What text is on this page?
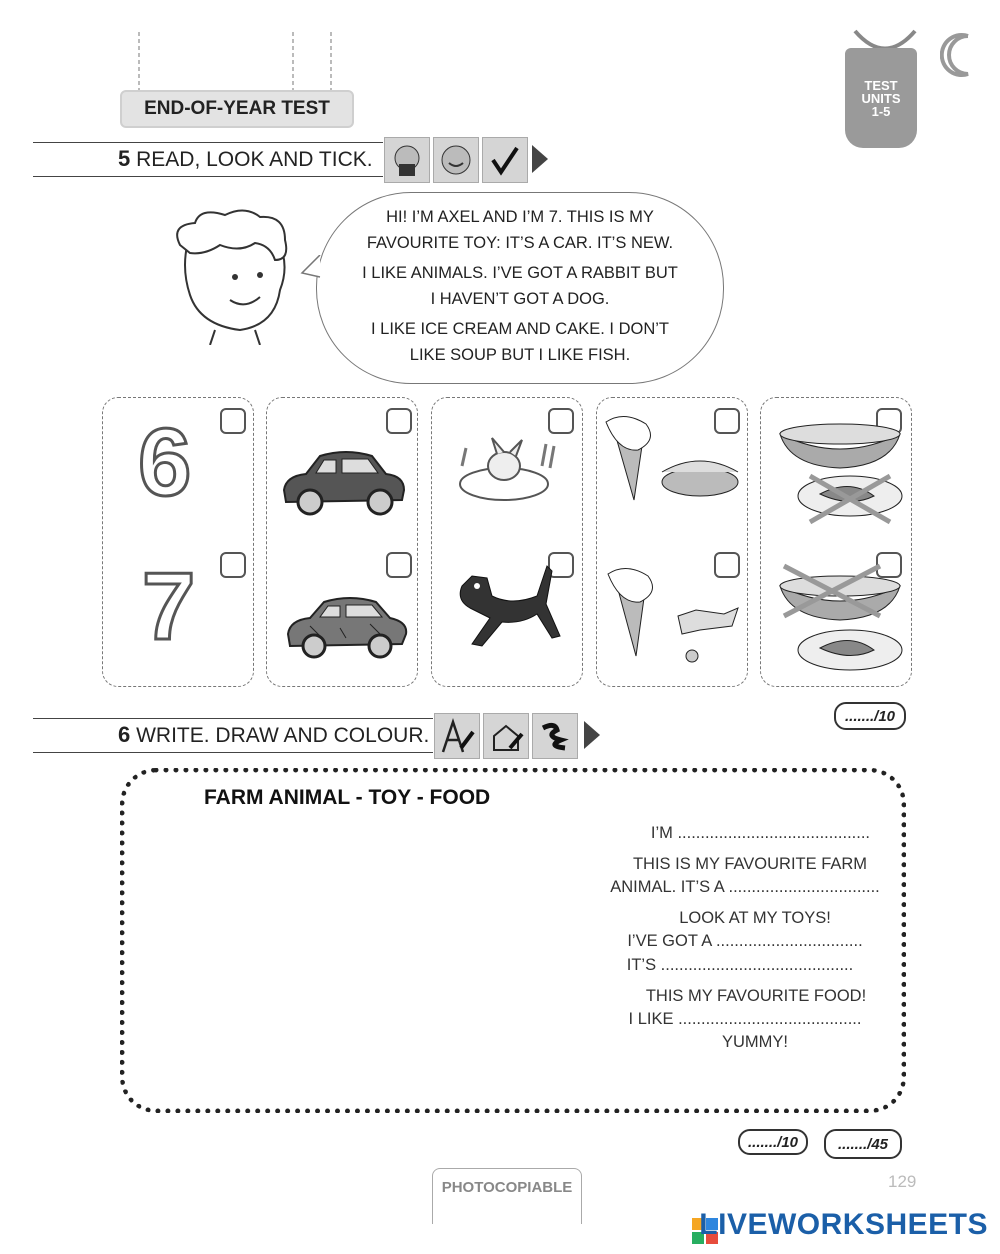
END-OF-YEAR TEST
TEST
UNITS
1-5
5 READ, LOOK AND TICK.

HI! I’M AXEL AND I’M 7. THIS IS MY

FAVOURITE TOY: IT’S A CAR. IT’S NEW.

I LIKE ANIMALS. I’VE GOT A RABBIT BUT

I HAVEN’T GOT A DOG.

I LIKE ICE CREAM AND CAKE. I DON’T

LIKE SOUP BUT I LIKE FISH.

6
7
......./10
6 WRITE. DRAW AND COLOUR.
FARM ANIMAL - TOY - FOOD
I’M ..........................................
THIS IS MY FAVOURITE FARM
ANIMAL. IT’S A .................................
LOOK AT MY TOYS!
I’VE GOT A ................................
IT’S ..........................................
THIS MY FAVOURITE FOOD!
I LIKE ........................................
YUMMY!
......./10	......./45
PHOTOCOPIABLE	129
LIVEWORKSHEETS
